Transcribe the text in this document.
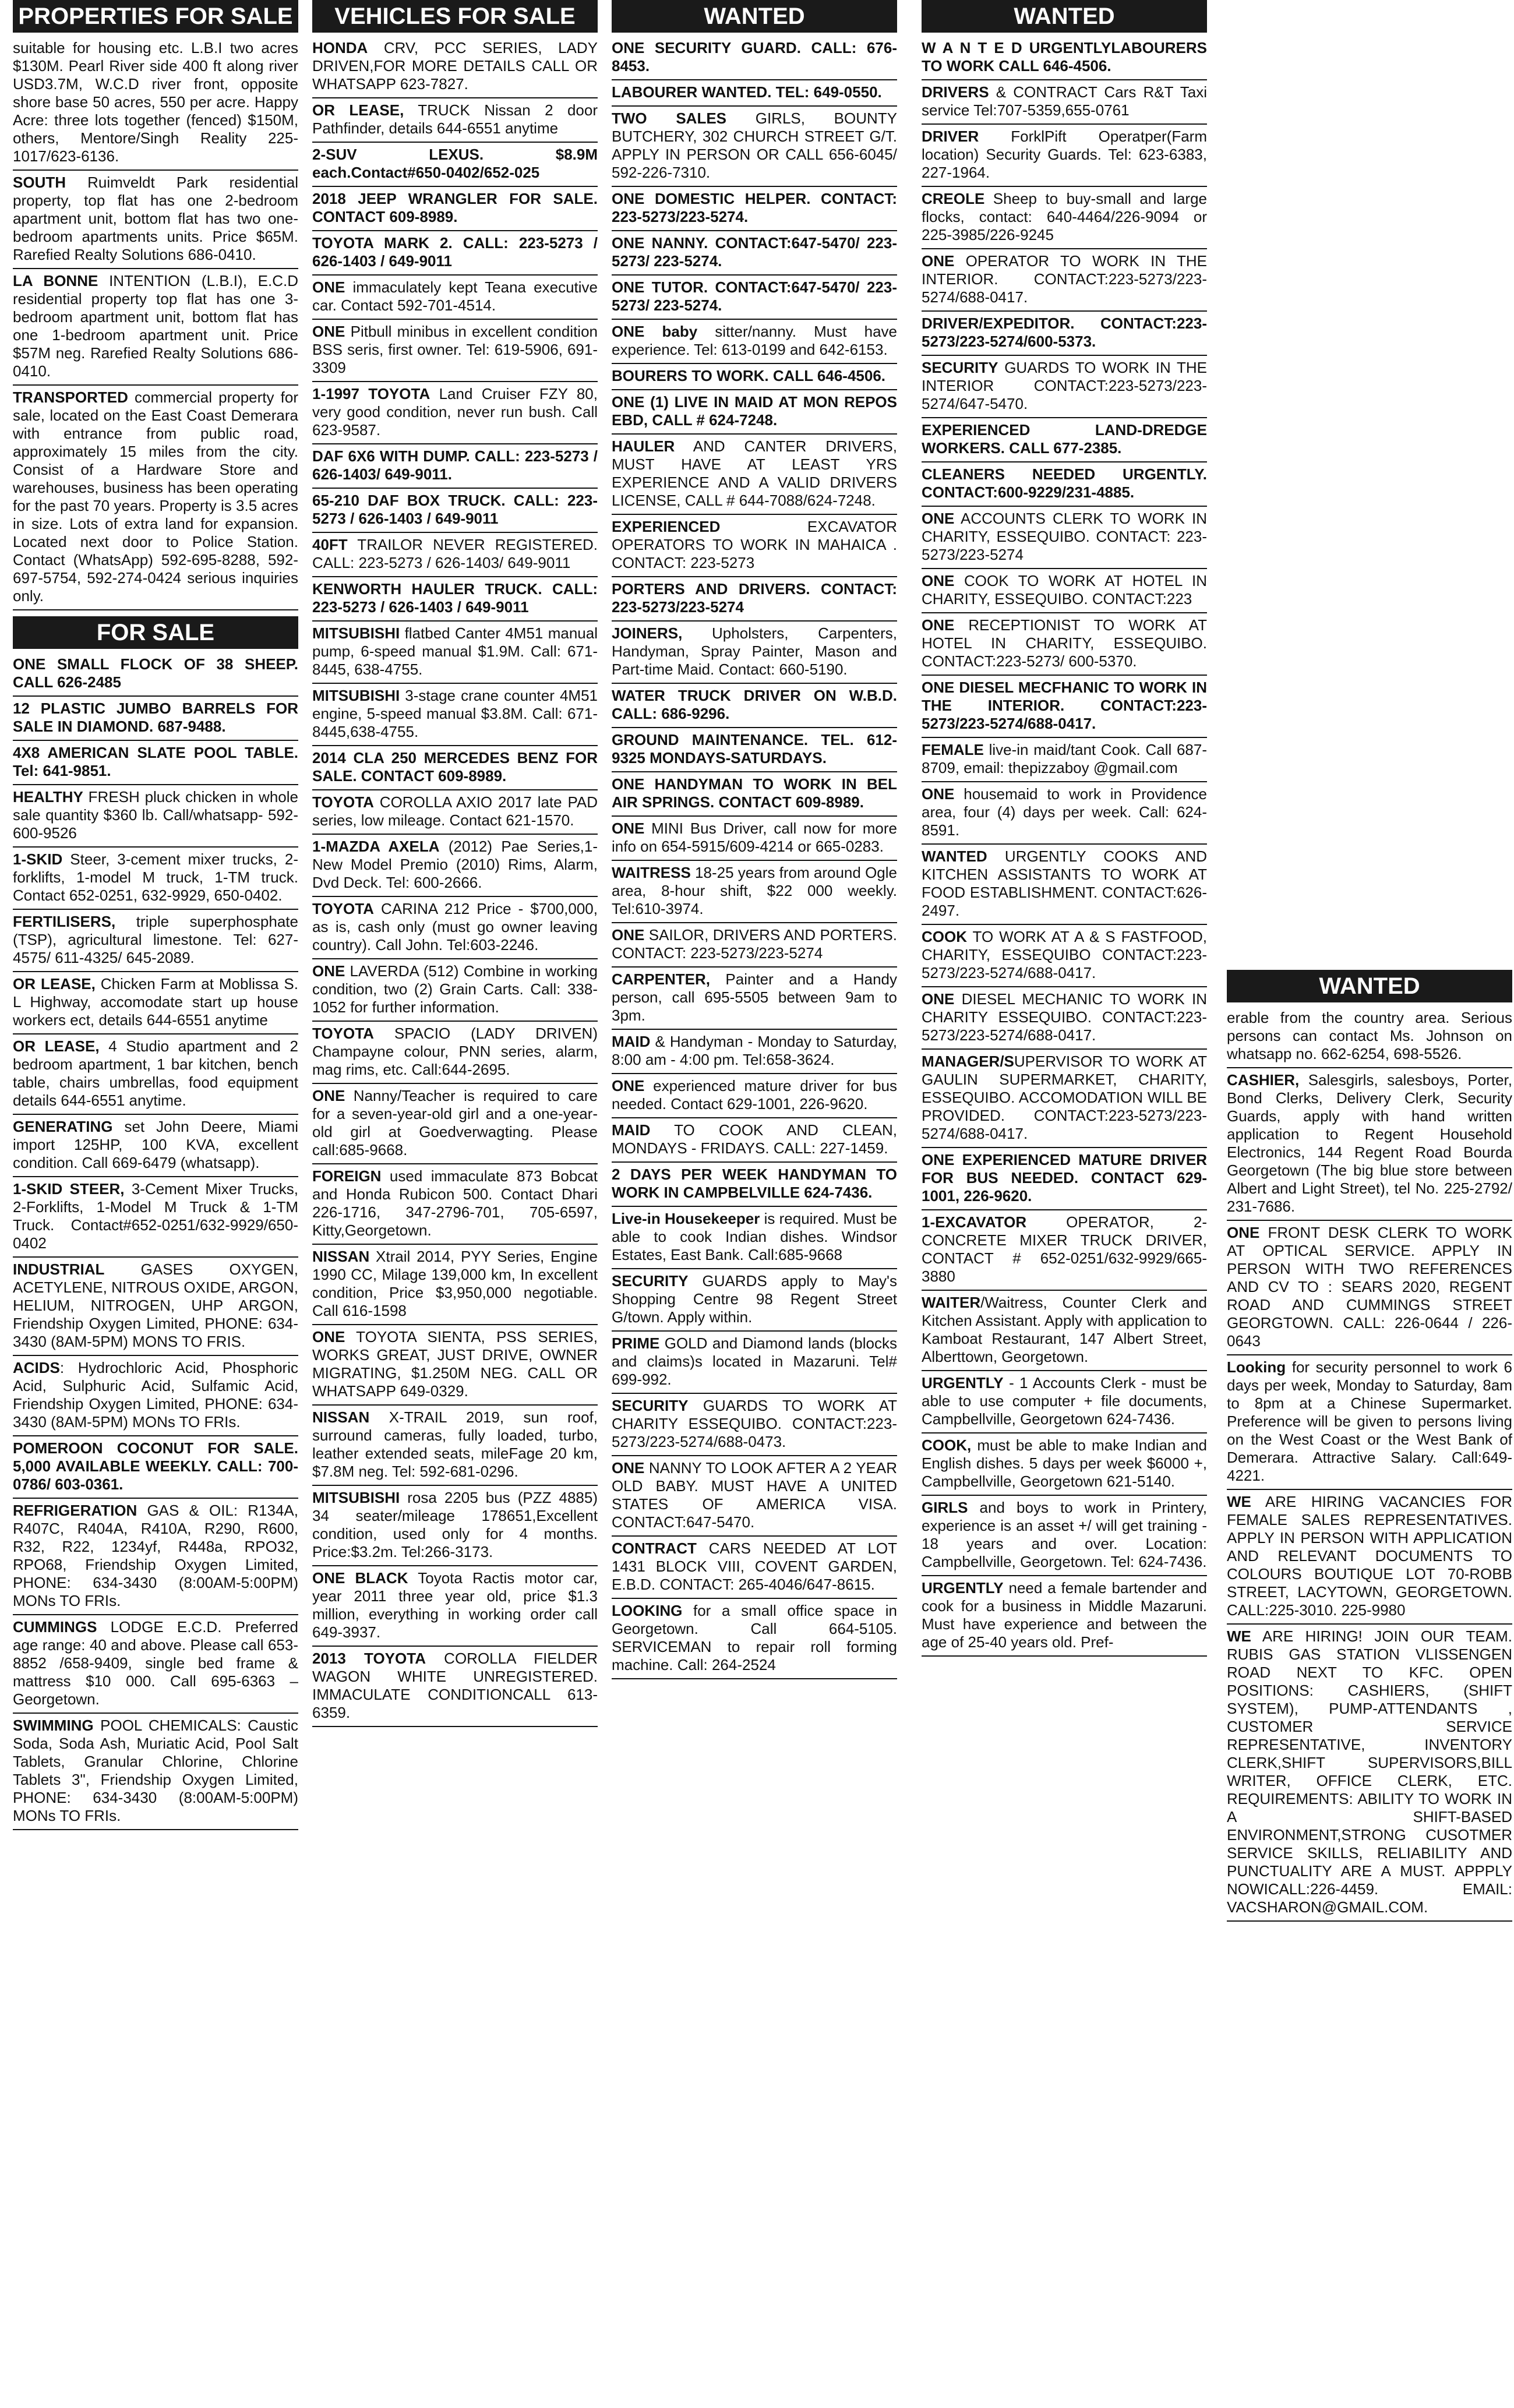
PROPERTIES FOR SALE

suitable for housing etc. L.B.I two acres $130M. Pearl River side 400 ft along river USD3.7M, W.C.D river front, opposite shore base 50 acres, 550 per acre. Happy Acre: three lots together (fenced) $150M, others, Mentore/Singh Reality 225-1017/623-6136.

SOUTH Ruimveldt Park residential property, top flat has one 2-bedroom apartment unit, bottom flat has two one-bedroom apartments units. Price $65M. Rarefied Realty Solutions 686-0410.

LA BONNE INTENTION (L.B.I), E.C.D residential property top flat has one 3-bedroom apartment unit, bottom flat has one 1-bedroom apartment unit. Price $57M neg. Rarefied Realty Solutions 686-0410.

TRANSPORTED commercial property for sale, located on the East Coast Demerara with entrance from public road, approximately 15 miles from the city. Consist of a Hardware Store and warehouses, business has been operating for the past 70 years. Property is 3.5 acres in size. Lots of extra land for expansion. Located next door to Police Station. Contact (WhatsApp) 592-695-8288, 592-697-5754, 592-274-0424 serious inquiries only.

FOR SALE

ONE SMALL FLOCK OF 38 SHEEP. CALL 626-2485

12 PLASTIC JUMBO BARRELS FOR SALE IN DIAMOND. 687-9488.

4X8 AMERICAN SLATE POOL TABLE. Tel: 641-9851.

HEALTHY FRESH pluck chicken in whole sale quantity $360 lb. Call/whatsapp- 592-600-9526

1-SKID Steer, 3-cement mixer trucks, 2-forklifts, 1-model M truck, 1-TM truck. Contact 652-0251, 632-9929, 650-0402.

FERTILISERS, triple superphosphate (TSP), agricultural limestone. Tel: 627-4575/ 611-4325/ 645-2089.

OR LEASE, Chicken Farm at Moblissa S. L Highway, accomodate start up house workers ect, details 644-6551 anytime

OR LEASE, 4 Studio apartment and 2 bedroom apartment, 1 bar kitchen, bench table, chairs umbrellas, food equipment details 644-6551 anytime.

GENERATING set John Deere, Miami import 125HP, 100 KVA, excellent condition. Call 669-6479 (whatsapp).

1-SKID STEER, 3-Cement Mixer Trucks, 2-Forklifts, 1-Model M Truck & 1-TM Truck. Contact#652-0251/632-9929/650-0402

INDUSTRIAL GASES OXYGEN, ACETYLENE, NITROUS OXIDE, ARGON, HELIUM, NITROGEN, UHP ARGON, Friendship Oxygen Limited, PHONE: 634-3430 (8AM-5PM) MONS TO FRIS.

ACIDS: Hydrochloric Acid, Phosphoric Acid, Sulphuric Acid, Sulfamic Acid, Friendship Oxygen Limited, PHONE: 634-3430 (8AM-5PM) MONs TO FRIs.

POMEROON COCONUT FOR SALE. 5,000 AVAILABLE WEEKLY. CALL: 700-0786/ 603-0361.

REFRIGERATION GAS & OIL: R134A, R407C, R404A, R410A, R290, R600, R32, R22, 1234yf, R448a, RPO32, RPO68, Friendship Oxygen Limited, PHONE: 634-3430 (8:00AM-5:00PM) MONs TO FRIs.

CUMMINGS LODGE E.C.D. Preferred age range: 40 and above. Please call 653-8852 /658-9409, single bed frame & mattress $10 000. Call 695-6363 – Georgetown.

SWIMMING POOL CHEMICALS: Caustic Soda, Soda Ash, Muriatic Acid, Pool Salt Tablets, Granular Chlorine, Chlorine Tablets 3", Friendship Oxygen Limited, PHONE: 634-3430 (8:00AM-5:00PM) MONs TO FRIs.

VEHICLES FOR SALE

HONDA CRV, PCC SERIES, LADY DRIVEN,FOR MORE DETAILS CALL OR WHATSAPP 623-7827.

OR LEASE, TRUCK Nissan 2 door Pathfinder, details 644-6551 anytime

2-SUV LEXUS. $8.9M each.Contact#650-0402/652-025

2018 JEEP WRANGLER FOR SALE. CONTACT 609-8989.

TOYOTA MARK 2. CALL: 223-5273 / 626-1403 / 649-9011

ONE immaculately kept Teana executive car. Contact 592-701-4514.

ONE Pitbull minibus in excellent condition BSS seris, first owner. Tel: 619-5906, 691-3309

1-1997 TOYOTA Land Cruiser FZY 80, very good condition, never run bush. Call 623-9587.

DAF 6X6 WITH DUMP. CALL: 223-5273 / 626-1403/ 649-9011.

65-210 DAF BOX TRUCK. CALL: 223-5273 / 626-1403 / 649-9011

40FT TRAILOR NEVER REGISTERED. CALL: 223-5273 / 626-1403/ 649-9011

KENWORTH HAULER TRUCK. CALL: 223-5273 / 626-1403 / 649-9011

MITSUBISHI flatbed Canter 4M51 manual pump, 6-speed manual $1.9M. Call: 671-8445, 638-4755.

MITSUBISHI 3-stage crane counter 4M51 engine, 5-speed manual $3.8M. Call: 671-8445,638-4755.

2014 CLA 250 MERCEDES BENZ FOR SALE. CONTACT 609-8989.

TOYOTA COROLLA AXIO 2017 late PAD series, low mileage. Contact 621-1570.

1-MAZDA AXELA (2012) Pae Series,1- New Model Premio (2010) Rims, Alarm, Dvd Deck. Tel: 600-2666.

TOYOTA CARINA 212 Price - $700,000, as is, cash only (must go owner leaving country). Call John. Tel:603-2246.

ONE LAVERDA (512) Combine in working condition, two (2) Grain Carts. Call: 338-1052 for further information.

TOYOTA SPACIO (LADY DRIVEN) Champayne colour, PNN series, alarm, mag rims, etc. Call:644-2695.

ONE Nanny/Teacher is required to care for a seven-year-old girl and a one-year-old girl at Goedverwagting. Please call:685-9668.

FOREIGN used immaculate 873 Bobcat and Honda Rubicon 500. Contact Dhari 226-1716, 347-2796-701, 705-6597, Kitty,Georgetown.

NISSAN Xtrail 2014, PYY Series, Engine 1990 CC, Milage 139,000 km, In excellent condition, Price $3,950,000 negotiable. Call 616-1598

ONE TOYOTA SIENTA, PSS SERIES, WORKS GREAT, JUST DRIVE, OWNER MIGRATING, $1.250M NEG. CALL OR WHATSAPP 649-0329.

NISSAN X-TRAIL 2019, sun roof, surround cameras, fully loaded, turbo, leather extended seats, mileFage 20 km, $7.8M neg. Tel: 592-681-0296.

MITSUBISHI rosa 2205 bus (PZZ 4885) 34 seater/mileage 178651,Excellent condition, used only for 4 months. Price:$3.2m. Tel:266-3173.

ONE BLACK Toyota Ractis motor car, year 2011 three year old, price $1.3 million, everything in working order call 649-3937.

2013 TOYOTA COROLLA FIELDER WAGON WHITE UNREGISTERED. IMMACULATE CONDITIONCALL 613-6359.

WANTED

ONE SECURITY GUARD. CALL: 676-8453.

LABOURER WANTED. TEL: 649-0550.

TWO SALES GIRLS, BOUNTY BUTCHERY, 302 CHURCH STREET G/T. APPLY IN PERSON OR CALL 656-6045/ 592-226-7310.

ONE DOMESTIC HELPER. CONTACT: 223-5273/223-5274.

ONE NANNY. CONTACT:647-5470/ 223-5273/ 223-5274.

ONE TUTOR. CONTACT:647-5470/ 223-5273/ 223-5274.

ONE baby sitter/nanny. Must have experience. Tel: 613-0199 and 642-6153.

BOURERS TO WORK. CALL 646-4506.

ONE (1) LIVE IN MAID AT MON REPOS EBD, CALL # 624-7248.

HAULER AND CANTER DRIVERS, MUST HAVE AT LEAST YRS EXPERIENCE AND A VALID DRIVERS LICENSE, CALL # 644-7088/624-7248.

EXPERIENCED EXCAVATOR OPERATORS TO WORK IN MAHAICA . CONTACT: 223-5273

PORTERS AND DRIVERS. CONTACT: 223-5273/223-5274

JOINERS, Upholsters, Carpenters, Handyman, Spray Painter, Mason and Part-time Maid. Contact: 660-5190.

WATER TRUCK DRIVER ON W.B.D. CALL: 686-9296.

GROUND MAINTENANCE. TEL. 612-9325 MONDAYS-SATURDAYS.

ONE HANDYMAN TO WORK IN BEL AIR SPRINGS. CONTACT 609-8989.

ONE MINI Bus Driver, call now for more info on 654-5915/609-4214 or 665-0283.

WAITRESS 18-25 years from around Ogle area, 8-hour shift, $22 000 weekly. Tel:610-3974.

ONE SAILOR, DRIVERS AND PORTERS. CONTACT: 223-5273/223-5274

CARPENTER, Painter and a Handy person, call 695-5505 between 9am to 3pm.

MAID & Handyman - Monday to Saturday, 8:00 am - 4:00 pm. Tel:658-3624.

ONE experienced mature driver for bus needed. Contact 629-1001, 226-9620.

MAID TO COOK AND CLEAN, MONDAYS - FRIDAYS. CALL: 227-1459.

2 DAYS PER WEEK HANDYMAN TO WORK IN CAMPBELVILLE 624-7436.

Live-in Housekeeper is required. Must be able to cook Indian dishes. Windsor Estates, East Bank. Call:685-9668

SECURITY GUARDS apply to May's Shopping Centre 98 Regent Street G/town. Apply within.

PRIME GOLD and Diamond lands (blocks and claims)s located in Mazaruni. Tel# 699-992.

SECURITY GUARDS TO WORK AT CHARITY ESSEQUIBO. CONTACT:223-5273/223-5274/688-0473.

ONE NANNY TO LOOK AFTER A 2 YEAR OLD BABY. MUST HAVE A UNITED STATES OF AMERICA VISA. CONTACT:647-5470.

CONTRACT CARS NEEDED AT LOT 1431 BLOCK VIII, COVENT GARDEN, E.B.D. CONTACT: 265-4046/647-8615.

LOOKING for a small office space in Georgetown. Call 664-5105. SERVICEMAN to repair roll forming machine. Call: 264-2524

WANTED

W A N T E D URGENTLYLABOURERS TO WORK CALL 646-4506.

DRIVERS & CONTRACT Cars R&T Taxi service Tel:707-5359,655-0761

DRIVER ForklPift Operatper(Farm location) Security Guards. Tel: 623-6383, 227-1964.

CREOLE Sheep to buy-small and large flocks, contact: 640-4464/226-9094 or 225-3985/226-9245

ONE OPERATOR TO WORK IN THE INTERIOR. CONTACT:223-5273/223-5274/688-0417.

DRIVER/EXPEDITOR. CONTACT:223-5273/223-5274/600-5373.

SECURITY GUARDS TO WORK IN THE INTERIOR CONTACT:223-5273/223-5274/647-5470.

EXPERIENCED LAND-DREDGE WORKERS. CALL 677-2385.

CLEANERS NEEDED URGENTLY. CONTACT:600-9229/231-4885.

ONE ACCOUNTS CLERK TO WORK IN CHARITY, ESSEQUIBO. CONTACT: 223-5273/223-5274

ONE COOK TO WORK AT HOTEL IN CHARITY, ESSEQUIBO. CONTACT:223

ONE RECEPTIONIST TO WORK AT HOTEL IN CHARITY, ESSEQUIBO. CONTACT:223-5273/ 600-5370.

ONE DIESEL MECFHANIC TO WORK IN THE INTERIOR. CONTACT:223-5273/223-5274/688-0417.

FEMALE live-in maid/tant Cook. Call 687-8709, email: thepizzaboy @gmail.com

ONE housemaid to work in Providence area, four (4) days per week. Call: 624-8591.

WANTED URGENTLY COOKS AND KITCHEN ASSISTANTS TO WORK AT FOOD ESTABLISHMENT. CONTACT:626-2497.

COOK TO WORK AT A & S FASTFOOD, CHARITY, ESSEQUIBO CONTACT:223-5273/223-5274/688-0417.

ONE DIESEL MECHANIC TO WORK IN CHARITY ESSEQUIBO. CONTACT:223-5273/223-5274/688-0417.

MANAGER/SUPERVISOR TO WORK AT GAULIN SUPERMARKET, CHARITY, ESSEQUIBO. ACCOMODATION WILL BE PROVIDED. CONTACT:223-5273/223-5274/688-0417.

ONE EXPERIENCED MATURE DRIVER FOR BUS NEEDED. CONTACT 629-1001, 226-9620.

1-EXCAVATOR OPERATOR, 2- CONCRETE MIXER TRUCK DRIVER, CONTACT # 652-0251/632-9929/665-3880

WAITER/Waitress, Counter Clerk and Kitchen Assistant. Apply with application to Kamboat Restaurant, 147 Albert Street, Alberttown, Georgetown.

URGENTLY - 1 Accounts Clerk - must be able to use computer + file documents, Campbellville, Georgetown 624-7436.

COOK, must be able to make Indian and English dishes. 5 days per week $6000 +, Campbellville, Georgetown 621-5140.

GIRLS and boys to work in Printery, experience is an asset +/ will get training - 18 years and over. Location: Campbellville, Georgetown. Tel: 624-7436.

URGENTLY need a female bartender and cook for a business in Middle Mazaruni. Must have experience and between the age of 25-40 years old. Pref-

WANTED

erable from the country area. Serious persons can contact Ms. Johnson on whatsapp no. 662-6254, 698-5526.

CASHIER, Salesgirls, salesboys, Porter, Bond Clerks, Delivery Clerk, Security Guards, apply with hand written application to Regent Household Electronics, 144 Regent Road Bourda Georgetown (The big blue store between Albert and Light Street), tel No. 225-2792/ 231-7686.

ONE FRONT DESK CLERK TO WORK AT OPTICAL SERVICE. APPLY IN PERSON WITH TWO REFERENCES AND CV TO : SEARS 2020, REGENT ROAD AND CUMMINGS STREET GEORGTOWN. CALL: 226-0644 / 226-0643

Looking for security personnel to work 6 days per week, Monday to Saturday, 8am to 8pm at a Chinese Supermarket. Preference will be given to persons living on the West Coast or the West Bank of Demerara. Attractive Salary. Call:649-4221.

WE ARE HIRING VACANCIES FOR FEMALE SALES REPRESENTATIVES. APPLY IN PERSON WITH APPLICATION AND RELEVANT DOCUMENTS TO COLOURS BOUTIQUE LOT 70-ROBB STREET, LACYTOWN, GEORGETOWN. CALL:225-3010. 225-9980

WE ARE HIRING! JOIN OUR TEAM. RUBIS GAS STATION VLISSENGEN ROAD NEXT TO KFC. OPEN POSITIONS: CASHIERS, (SHIFT SYSTEM), PUMP-ATTENDANTS , CUSTOMER SERVICE REPRESENTATIVE, INVENTORY CLERK,SHIFT SUPERVISORS,BILL WRITER, OFFICE CLERK, ETC. REQUIREMENTS: ABILITY TO WORK IN A SHIFT-BASED ENVIRONMENT,STRONG CUSOTMER SERVICE SKILLS, RELIABILITY AND PUNCTUALITY ARE A MUST. APPPLY NOWICALL:226-4459. EMAIL: VACSHARON@GMAIL.COM.
